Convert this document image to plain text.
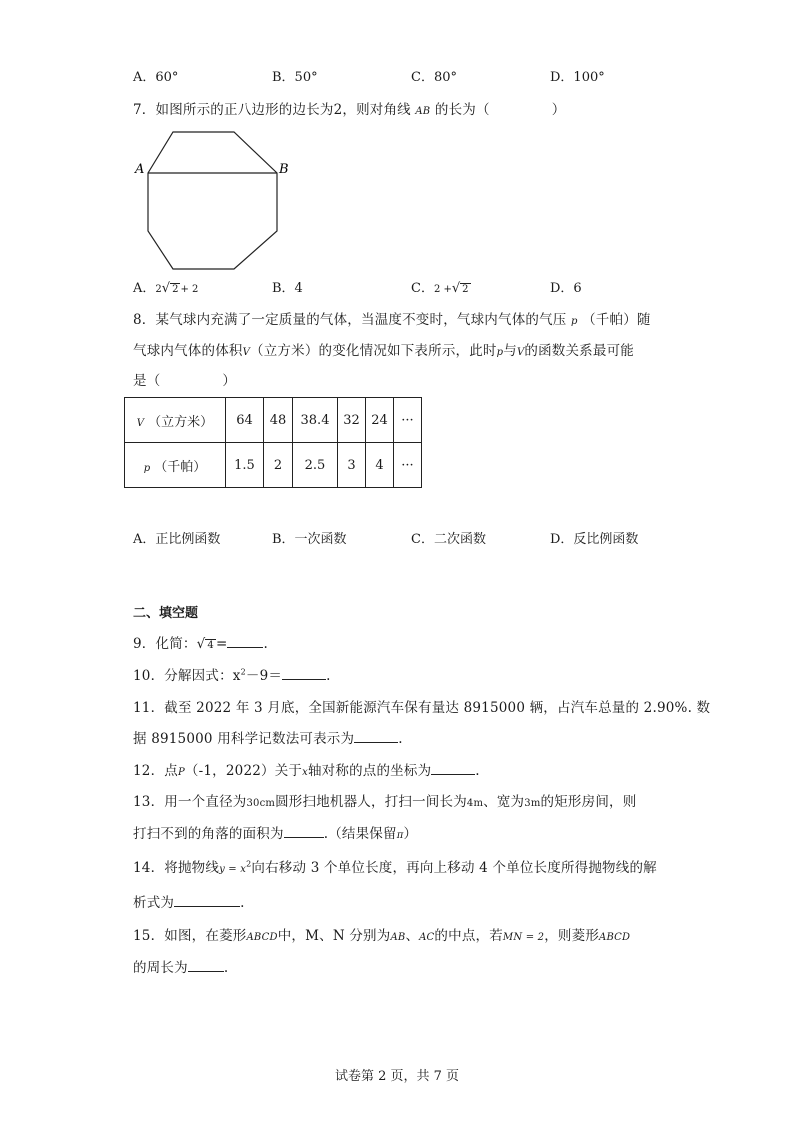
A．60°	B．50°	C．80°	D．100°
7．如图所示的正八边形的边长为2，则对角线 AB 的长为（	）
A	B
A．2√ 2 + 2	B．4	C．2 +√ 2	D．6
8．某气球内充满了一定质量的气体，当温度不变时，气球内气体的气压 p （千帕）随
气球内气体的体积V（立方米）的变化情况如下表所示，此时p与V的函数关系最可能
是（	）
V （立方米）	64	48	38.4	32	24	···
p （千帕）	1.5	2	2.5	3	4	···
A．正比例函数	B．一次函数	C．二次函数	D．反比例函数
二、填空题
9．化简：√ 4 =	.
10．分解因式：$x^2-9=$	.
11．截至 2022 年 3 月底，全国新能源汽车保有量达 8915000 辆，占汽车总量的 2.90%. 数
据 8915000 用科学记数法可表示为	.
12．点P（-1，2022）关于x轴对称的点的坐标为	.
13．用一个直径为30cm圆形扫地机器人，打扫一间长为4m、宽为3m的矩形房间，则
打扫不到的角落的面积为	.（结果保留π）
14．将抛物线$y = x^2$向右移动 3 个单位长度，再向上移动 4 个单位长度所得抛物线的解
析式为	.
15．如图，在菱形ABCD中，M、N 分别为AB、AC的中点，若MN = 2，则菱形ABCD
的周长为	.
试卷第 2 页，共 7 页
